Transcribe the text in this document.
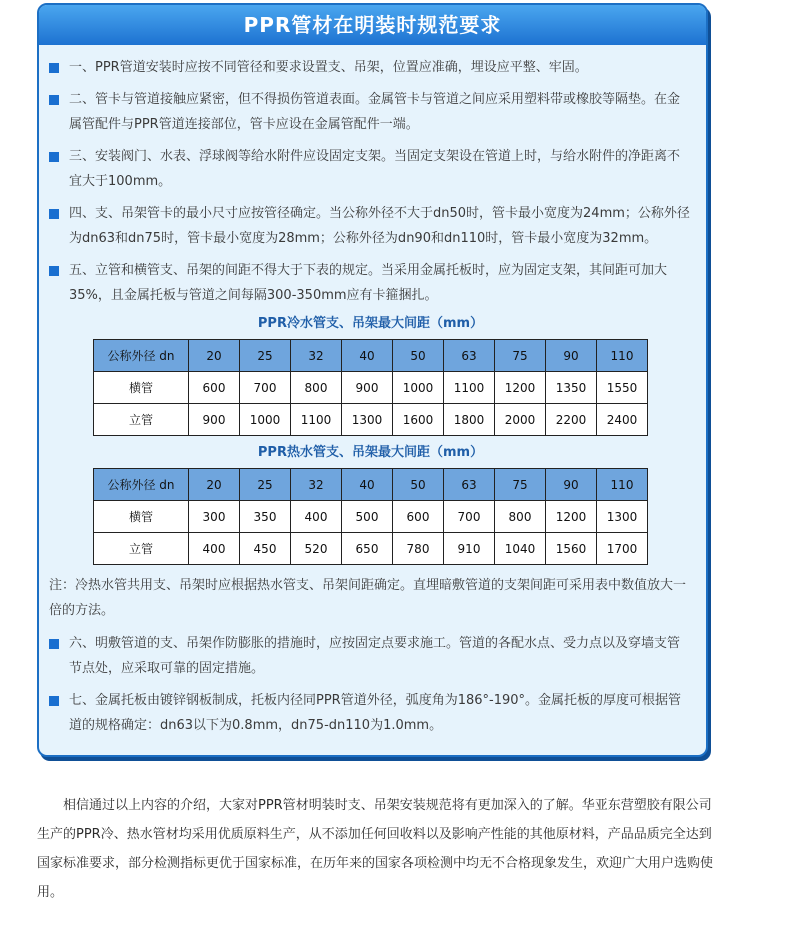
PPR管材在明装时规范要求
一、PPR管道安装时应按不同管径和要求设置支、吊架，位置应准确，埋设应平整、牢固。
二、管卡与管道接触应紧密，但不得损伤管道表面。金属管卡与管道之间应采用塑料带或橡胶等隔垫。在金属管配件与PPR管道连接部位，管卡应设在金属管配件一端。
三、安装阀门、水表、浮球阀等给水附件应设固定支架。当固定支架设在管道上时，与给水附件的净距离不宜大于100mm。
四、支、吊架管卡的最小尺寸应按管径确定。当公称外径不大于dn50时，管卡最小宽度为24mm；公称外径为dn63和dn75时，管卡最小宽度为28mm；公称外径为dn90和dn110时，管卡最小宽度为32mm。
五、立管和横管支、吊架的间距不得大于下表的规定。当采用金属托板时，应为固定支架，其间距可加大35%，且金属托板与管道之间每隔300-350mm应有卡箍捆扎。
PPR冷水管支、吊架最大间距（mm）
公称外径 dn	20	25	32	40	50	63	75	90	110
横管	600	700	800	900	1000	1100	1200	1350	1550
立管	900	1000	1100	1300	1600	1800	2000	2200	2400
PPR热水管支、吊架最大间距（mm）
公称外径 dn	20	25	32	40	50	63	75	90	110
横管	300	350	400	500	600	700	800	1200	1300
立管	400	450	520	650	780	910	1040	1560	1700
注：冷热水管共用支、吊架时应根据热水管支、吊架间距确定。直埋暗敷管道的支架间距可采用表中数值放大一倍的方法。
六、明敷管道的支、吊架作防膨胀的措施时，应按固定点要求施工。管道的各配水点、受力点以及穿墙支管节点处，应采取可靠的固定措施。
七、金属托板由镀锌钢板制成，托板内径同PPR管道外径，弧度角为186°-190°。金属托板的厚度可根据管道的规格确定：dn63以下为0.8mm，dn75-dn110为1.0mm。

相信通过以上内容的介绍，大家对PPR管材明装时支、吊架安装规范将有更加深入的了解。华亚东营塑胶有限公司生产的PPR冷、热水管材均采用优质原料生产，从不添加任何回收料以及影响产性能的其他原材料，产品品质完全达到国家标准要求，部分检测指标更优于国家标准，在历年来的国家各项检测中均无不合格现象发生，欢迎广大用户选购使用。
